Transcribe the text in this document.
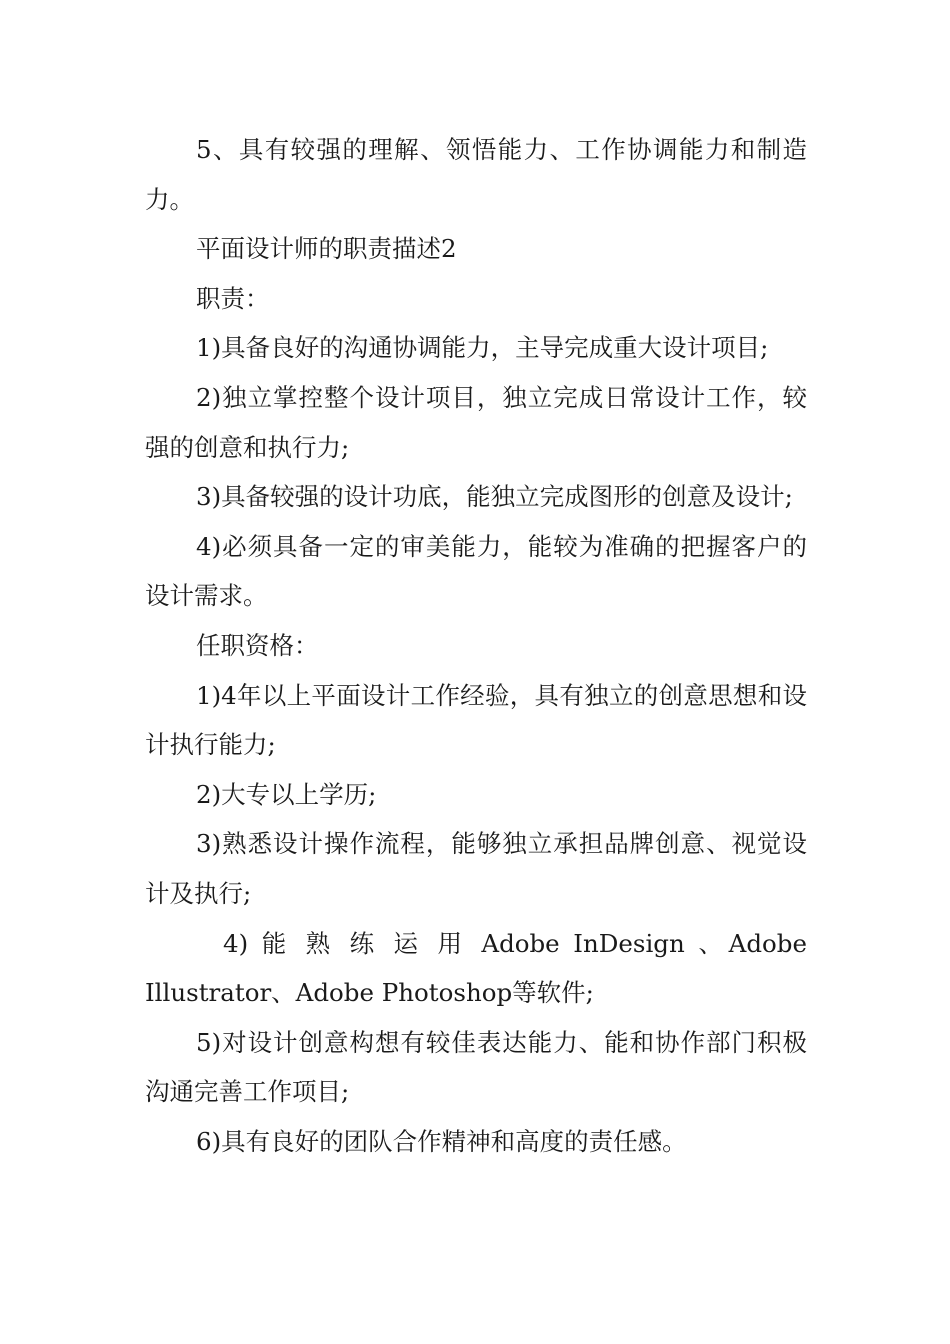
5、具有较强的理解、领悟能力、工作协调能力和制造力。

平面设计师的职责描述2

职责：

1)具备良好的沟通协调能力，主导完成重大设计项目;

2)独立掌控整个设计项目，独立完成日常设计工作，较强的创意和执行力;

3)具备较强的设计功底，能独立完成图形的创意及设计;

4)必须具备一定的审美能力，能较为准确的把握客户的设计需求。

任职资格：

1)4年以上平面设计工作经验，具有独立的创意思想和设计执行能力;

2)大专以上学历;

3)熟悉设计操作流程，能够独立承担品牌创意、视觉设计及执行;

4) 能 熟 练 运 用 Adobe InDesign 、Adobe Illustrator、Adobe Photoshop等软件;

5)对设计创意构想有较佳表达能力、能和协作部门积极沟通完善工作项目;

6)具有良好的团队合作精神和高度的责任感。
